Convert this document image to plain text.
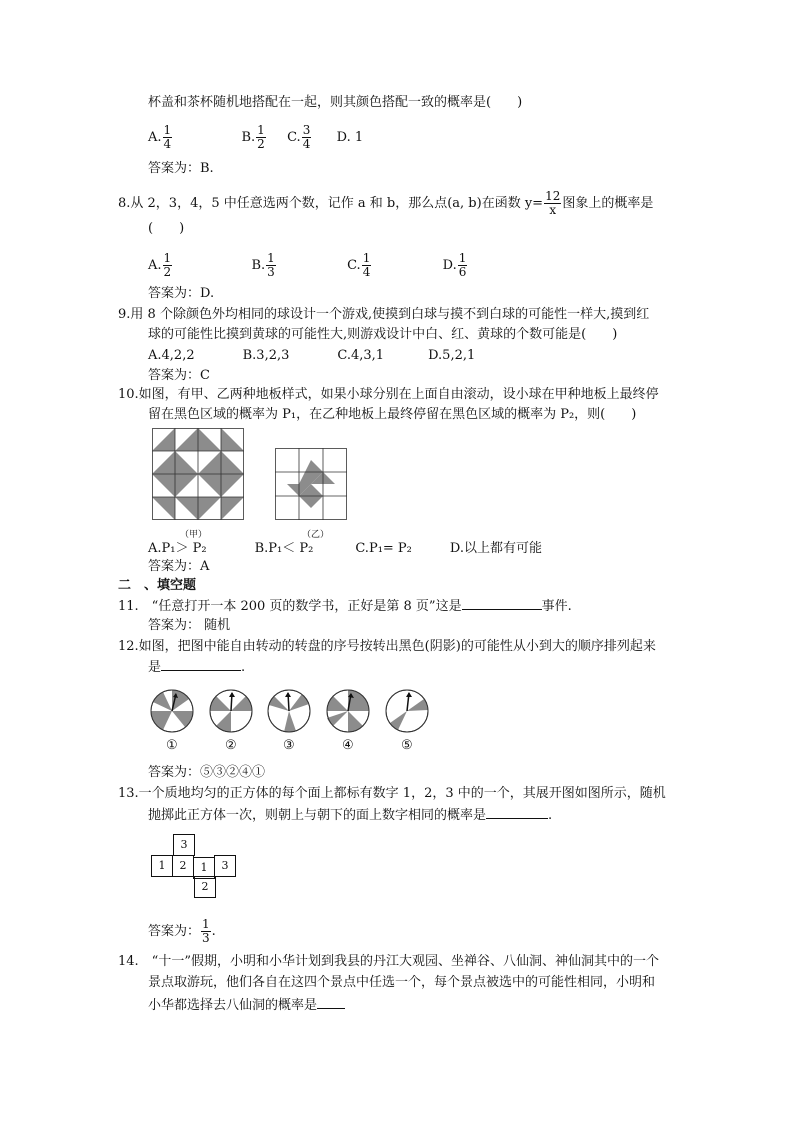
杯盖和茶杯随机地搭配在一起，则其颜色搭配一致的概率是(　　)
A. $\frac{1}{4}$	B. $\frac{1}{2} C$. $\frac{3}{4} D$. 1
答案为：B.
8.从 2，3，4，5 中任意选两个数，记作 a 和 b，那么点(a, b)在函数 $y= \frac{12}{x}$ 图象上的概率是
(　　)
A. $\frac{1}{2}$	B. $\frac{1}{3}$	C. $\frac{1}{4}$	D. $\frac{1}{6}$
答案为：D.
9.用 8 个除颜色外均相同的球设计一个游戏,使摸到白球与摸不到白球的可能性一样大,摸到红
球的可能性比摸到黄球的可能性大,则游戏设计中白、红、黄球的个数可能是(　　)
A.4,2,2	B.3,2,3	C.4,3,1	D.5,2,1
答案为：C
10.如图，有甲、乙两种地板样式，如果小球分别在上面自由滚动，设小球在甲种地板上最终停
留在黑色区域的概率为 P₁，在乙种地板上最终停留在黑色区域的概率为 P₂，则(　　)
（甲）	（乙）
A.P₁＞ P₂	B.P₁＜ P₂	C.P₁= P₂	D.以上都有可能
答案为：A
二　、填空题
11.　“任意打开一本 200 页的数学书，正好是第 8 页”这是	事件.
答案为： 随机
12.如图，把图中能自由转动的转盘的序号按转出黑色(阴影)的可能性从小到大的顺序排列起来
是	.
①	②	③	④	⑤
答案为：⑤③②④①
13.一个质地均匀的正方体的每个面上都标有数字 1，2，3 中的一个，其展开图如图所示，随机
抛掷此正方体一次，则朝上与朝下的面上数字相同的概率是	.
3
1	2	1	3
2
答案为： $\frac{1}{3}$ .
14.　“十一”假期，小明和小华计划到我县的丹江大观园、坐禅谷、八仙洞、神仙洞其中的一个
景点取游玩，他们各自在这四个景点中任选一个，每个景点被选中的可能性相同，小明和
小华都选择去八仙洞的概率是
